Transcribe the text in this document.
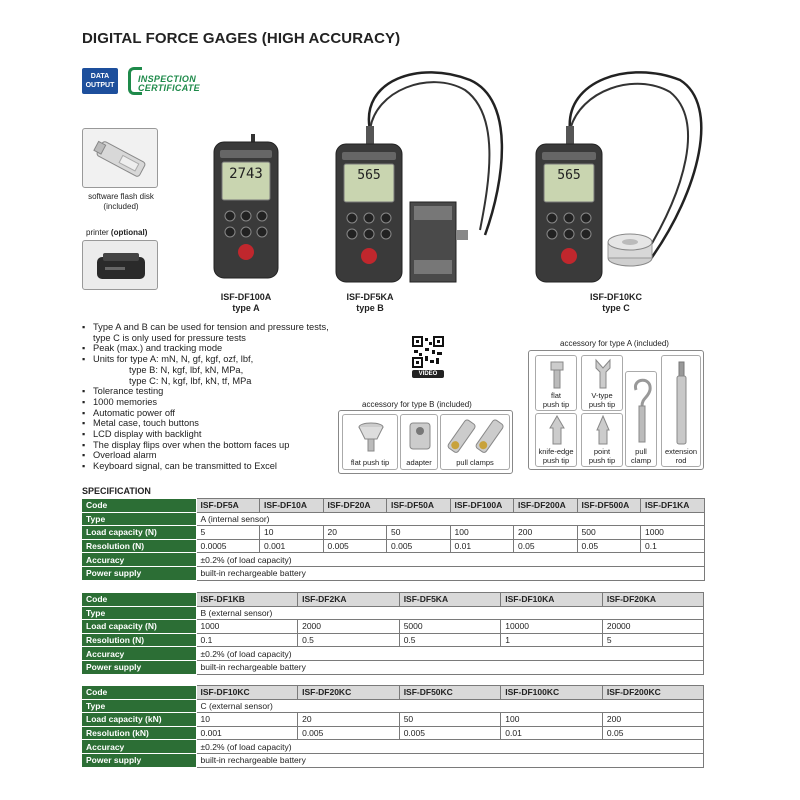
DIGITAL FORCE GAGES (HIGH ACCURACY)
DATA
OUTPUT
INSPECTION
CERTIFICATE
software flash disk
(included)
printer (optional)
2743
ISF-DF100A
type A
565
ISF-DF5KA
type B
565
ISF-DF10KC
type C
▪ Type A and B can be used for tension and pressure tests,
type C is only used for pressure tests
▪ Peak (max.) and tracking mode
▪ Units for type A: mN, N, gf, kgf, ozf, lbf,
type B: N, kgf, lbf, kN, MPa,
type C: N, kgf, lbf, kN, tf, MPa
▪ Tolerance testing
▪ 1000 memories
▪ Automatic power off
▪ Metal case, touch buttons
▪ LCD display with backlight
▪ The display flips over when the bottom faces up
▪ Overload alarm
▪ Keyboard signal, can be transmitted to Excel
VIDEO
accessory for type B (included)
flat push tip	adapter	pull clamps
accessory for type A (included)
flat
push tip
V-type
push tip
knife-edge
push tip
point
push tip
pull
clamp
extension
rod
SPECIFICATION
Code	ISF-DF5A	ISF-DF10A	ISF-DF20A	ISF-DF50A	ISF-DF100A	ISF-DF200A	ISF-DF500A	ISF-DF1KA
Type	A (internal sensor)							
Load capacity (N)	5	10	20	50	100	200	500	1000
Resolution (N)	0.0005	0.001	0.005	0.005	0.01	0.05	0.05	0.1
Accuracy	±0.2% (of load capacity)							
Power supply	built-in rechargeable battery							
Code	ISF-DF1KB	ISF-DF2KA	ISF-DF5KA	ISF-DF10KA	ISF-DF20KA
Type	B (external sensor)				
Load capacity (N)	1000	2000	5000	10000	20000
Resolution (N)	0.1	0.5	0.5	1	5
Accuracy	±0.2% (of load capacity)				
Power supply	built-in rechargeable battery				
Code	ISF-DF10KC	ISF-DF20KC	ISF-DF50KC	ISF-DF100KC	ISF-DF200KC
Type	C (external sensor)				
Load capacity (kN)	10	20	50	100	200
Resolution (kN)	0.001	0.005	0.005	0.01	0.05
Accuracy	±0.2% (of load capacity)				
Power supply	built-in rechargeable battery				
